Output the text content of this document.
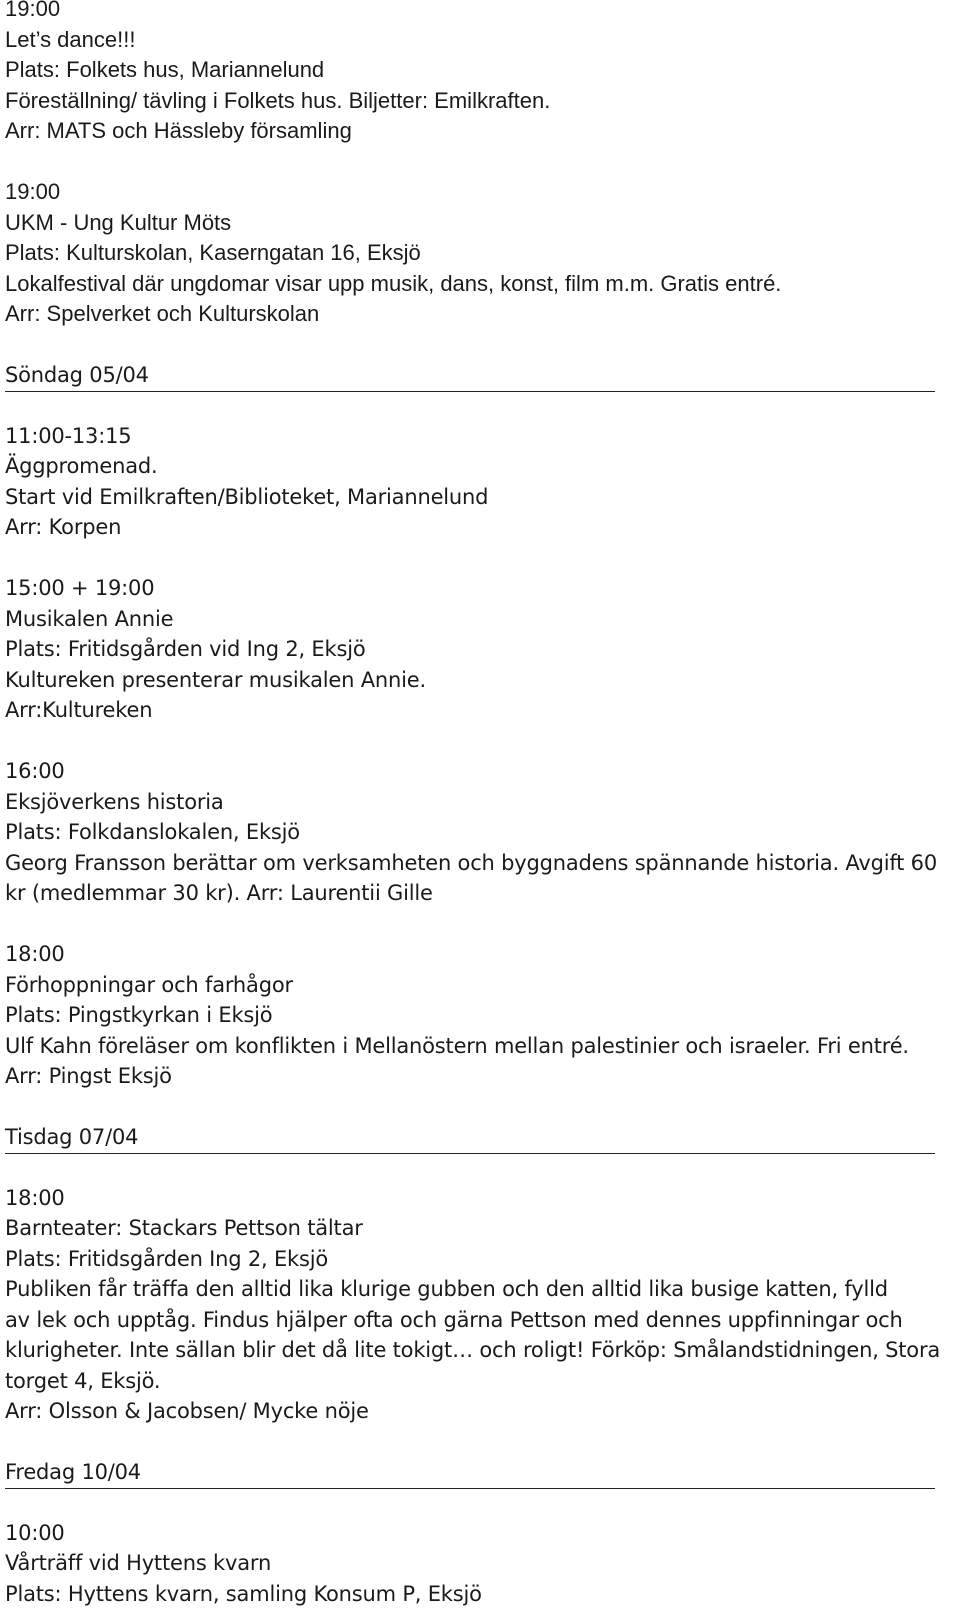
19:00
Let’s dance!!!
Plats: Folkets hus, Mariannelund
Föreställning/ tävling i Folkets hus. Biljetter: Emilkraften.
Arr: MATS och Hässleby församling
19:00
UKM - Ung Kultur Möts
Plats: Kulturskolan, Kaserngatan 16, Eksjö
Lokalfestival där ungdomar visar upp musik, dans, konst, film m.m. Gratis entré.
Arr: Spelverket och Kulturskolan
Söndag 05/04
11:00-13:15
Äggpromenad.
Start vid Emilkraften/Biblioteket, Mariannelund
Arr: Korpen
15:00 + 19:00
Musikalen Annie
Plats: Fritidsgården vid Ing 2, Eksjö
Kultureken presenterar musikalen Annie.
Arr:Kultureken
16:00
Eksjöverkens historia
Plats: Folkdanslokalen, Eksjö
Georg Fransson berättar om verksamheten och byggnadens spännande historia. Avgift 60
kr (medlemmar 30 kr). Arr: Laurentii Gille
18:00
Förhoppningar och farhågor
Plats: Pingstkyrkan i Eksjö
Ulf Kahn föreläser om konflikten i Mellanöstern mellan palestinier och israeler. Fri entré.
Arr: Pingst Eksjö
Tisdag 07/04
18:00
Barnteater: Stackars Pettson tältar
Plats: Fritidsgården Ing 2, Eksjö
Publiken får träffa den alltid lika klurige gubben och den alltid lika busige katten, fylld
av lek och upptåg. Findus hjälper ofta och gärna Pettson med dennes uppfinningar och
klurigheter. Inte sällan blir det då lite tokigt… och roligt! Förköp: Smålandstidningen, Stora
torget 4, Eksjö.
Arr: Olsson & Jacobsen/ Mycke nöje
Fredag 10/04
10:00
Vårträff vid Hyttens kvarn
Plats: Hyttens kvarn, samling Konsum P, Eksjö
